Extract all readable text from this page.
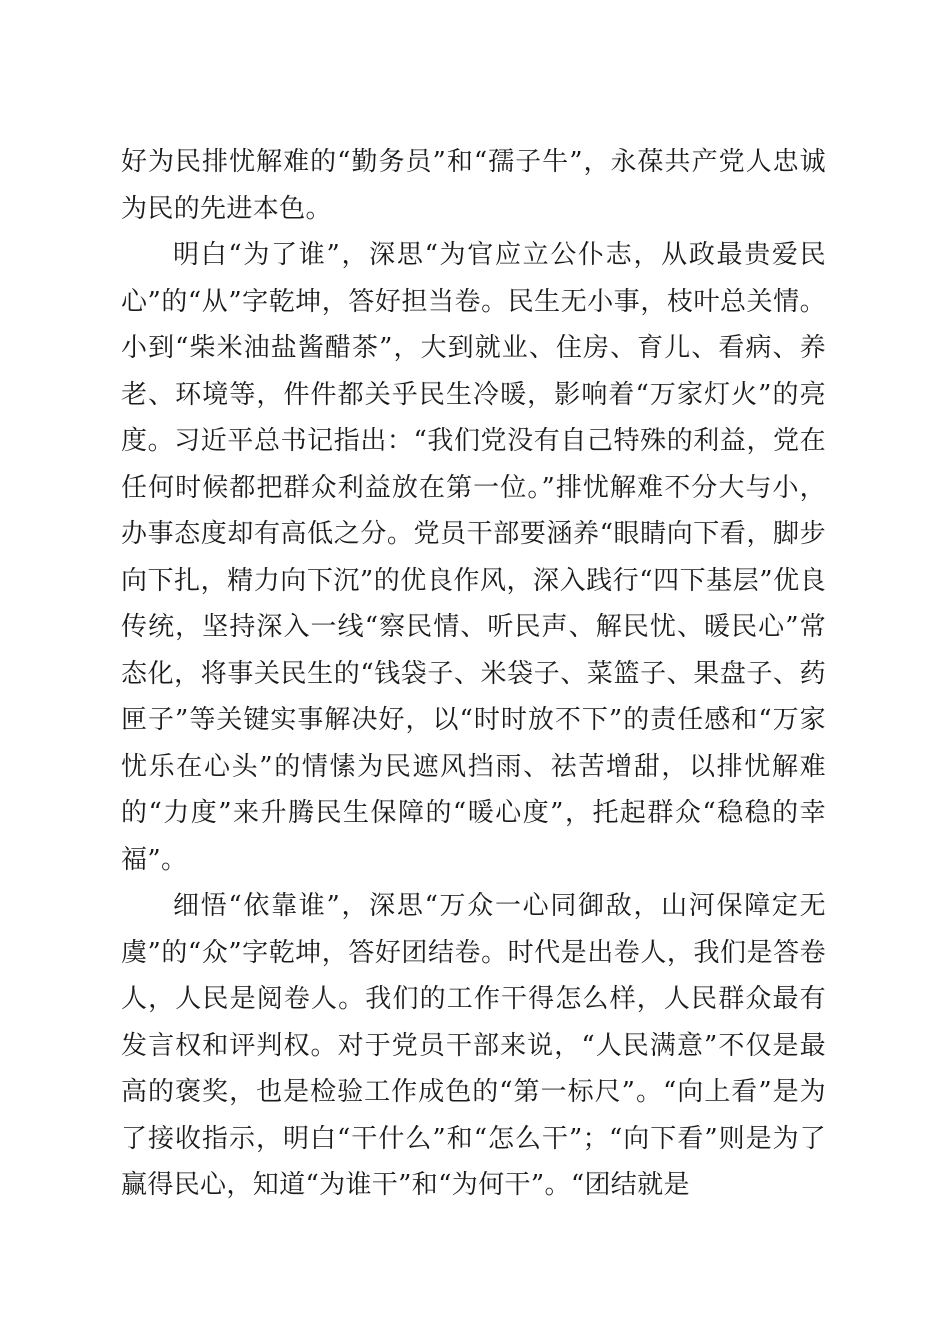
好为民排忧解难的“勤务员”和“孺子牛”，永葆共产党人忠诚为民的先进本色。

明白“为了谁”，深思“为官应立公仆志，从政最贵爱民心”的“从”字乾坤，答好担当卷。民生无小事，枝叶总关情。小到“柴米油盐酱醋茶”，大到就业、住房、育儿、看病、养老、环境等，件件都关乎民生冷暖，影响着“万家灯火”的亮度。习近平总书记指出：“我们党没有自己特殊的利益，党在任何时候都把群众利益放在第一位。”排忧解难不分大与小，办事态度却有高低之分。党员干部要涵养“眼睛向下看，脚步向下扎，精力向下沉”的优良作风，深入践行“四下基层”优良传统，坚持深入一线“察民情、听民声、解民忧、暖民心”常态化，将事关民生的“钱袋子、米袋子、菜篮子、果盘子、药匣子”等关键实事解决好，以“时时放不下”的责任感和“万家忧乐在心头”的情愫为民遮风挡雨、祛苦增甜，以排忧解难的“力度”来升腾民生保障的“暖心度”，托起群众“稳稳的幸福”。

细悟“依靠谁”，深思“万众一心同御敌，山河保障定无虞”的“众”字乾坤，答好团结卷。时代是出卷人，我们是答卷人，人民是阅卷人。我们的工作干得怎么样，人民群众最有发言权和评判权。对于党员干部来说，“人民满意”不仅是最高的褒奖，也是检验工作成色的“第一标尺”。“向上看”是为了接收指示，明白“干什么”和“怎么干”；“向下看”则是为了赢得民心，知道“为谁干”和“为何干”。“团结就是
